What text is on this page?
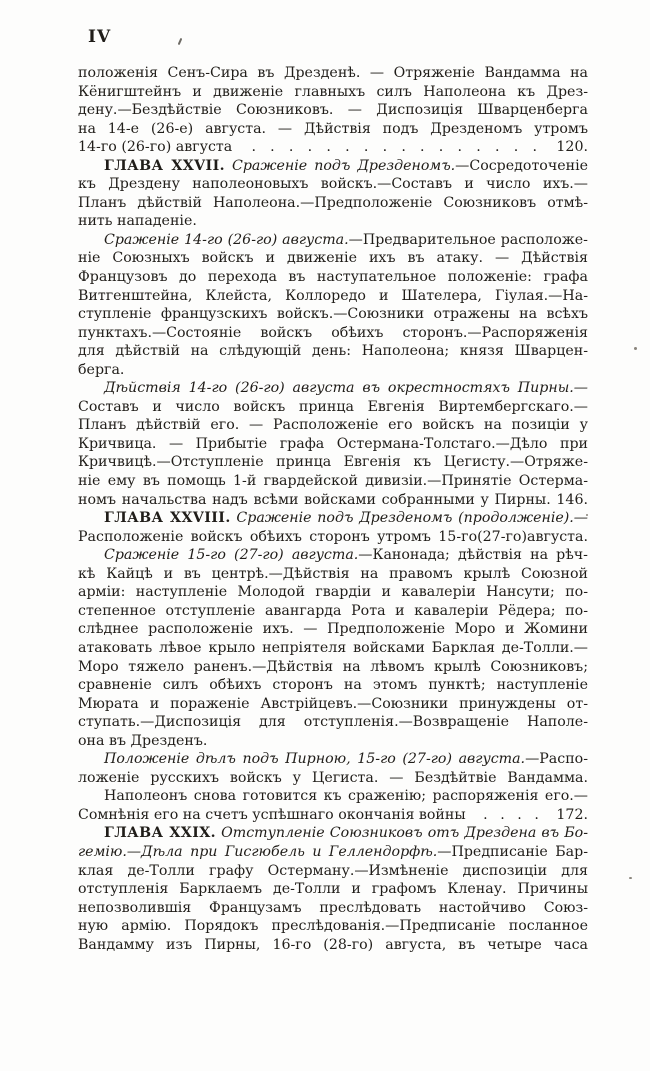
IV
положенія Сенъ-Сира въ Дрезденѣ. — Отряженіе Вандамма на
Кёнигштейнъ и движеніе главныхъ силъ Наполеона къ Дрез-
дену.—Бездѣйствіе Союзниковъ. — Диспозиція Шварценберга
на 14-е (26-е) августа. — Дѣйствія подъ Дрезденомъ утромъ
14-го (26-го) августа . . . . . . . . . . . . . . . . 120.
ГЛАВА XXVII. Сраженіе подъ Дрезденомъ.—Сосредоточеніе
къ Дрездену наполеоновыхъ войскъ.—Составъ и число ихъ.—
Планъ дѣйствій Наполеона.—Предположеніе Союзниковъ отмѣ-
нить нападеніе.
Сраженіе 14-го (26-го) августа.—Предварительное расположе-
ніе Союзныхъ войскъ и движеніе ихъ въ атаку. — Дѣйствія
Французовъ до перехода въ наступательное положеніе: графа
Витгенштейна, Клейста, Коллоредо и Шателера, Гіулая.—На-
ступленіе французскихъ войскъ.—Союзники отражены на всѣхъ
пунктахъ.—Состояніе войскъ обѣихъ сторонъ.—Распоряженія
для дѣйствій на слѣдующій день: Наполеона; князя Шварцен-
берга.
Дѣйствія 14-го (26-го) августа въ окрестностяхъ Пирны.—
Составъ и число войскъ принца Евгенія Виртембергскаго.—
Планъ дѣйствій его. — Расположеніе его войскъ на позиціи у
Кричвица. — Прибытіе графа Остермана-Толстаго.—Дѣло при
Кричвицѣ.—Отступленіе принца Евгенія къ Цегисту.—Отряже-
ніе ему въ помощь 1-й гвардейской дивизіи.—Принятіе Остерма-
номъ начальства надъ всѣми войсками собранными у Пирны. 146.
ГЛАВА XXVIII. Сраженіе подъ Дрезденомъ (продолженіе).—
Расположеніе войскъ обѣихъ сторонъ утромъ 15-го(27-го)августа.
Сраженіе 15-го (27-го) августа.—Канонада; дѣйствія на рѣч-
кѣ Кайцѣ и въ центрѣ.—Дѣйствія на правомъ крылѣ Союзной
арміи: наступленіе Молодой гвардіи и кавалеріи Нансути; по-
степенное отступленіе авангарда Рота и кавалеріи Рёдера; по-
слѣднее расположеніе ихъ. — Предположеніе Моро и Жомини
атаковать лѣвое крыло непріятеля войсками Барклая де-Толли.—
Моро тяжело раненъ.—Дѣйствія на лѣвомъ крылѣ Союзниковъ;
сравненіе силъ обѣихъ сторонъ на этомъ пунктѣ; наступленіе
Мюрата и пораженіе Австрійцевъ.—Союзники принуждены от-
ступать.—Диспозиція для отступленія.—Возвращеніе Наполе-
она въ Дрезденъ.
Положеніе дѣлъ подъ Пирною, 15-го (27-го) августа.—Распо-
ложеніе русскихъ войскъ у Цегиста. — Бездѣйтвіе Вандамма.
Наполеонъ снова готовится къ сраженію; распоряженія его.—
Сомнѣнія его на счетъ успѣшнаго окончанія войны . . . . 172.
ГЛАВА XXIX. Отступленіе Союзниковъ отъ Дрездена въ Бо-
гемію.—Дѣла при Гисгюбель и Геллендорфѣ.—Предписаніе Бар-
клая де-Толли графу Остерману.—Измѣненіе диспозиціи для
отступленія Барклаемъ де-Толли и графомъ Кленау. Причины
непозволившія Французамъ преслѣдовать настойчиво Союз-
ную армію. Порядокъ преслѣдованія.—Предписаніе посланное
Вандамму изъ Пирны, 16-го (28-го) августа, въ четыре часа
